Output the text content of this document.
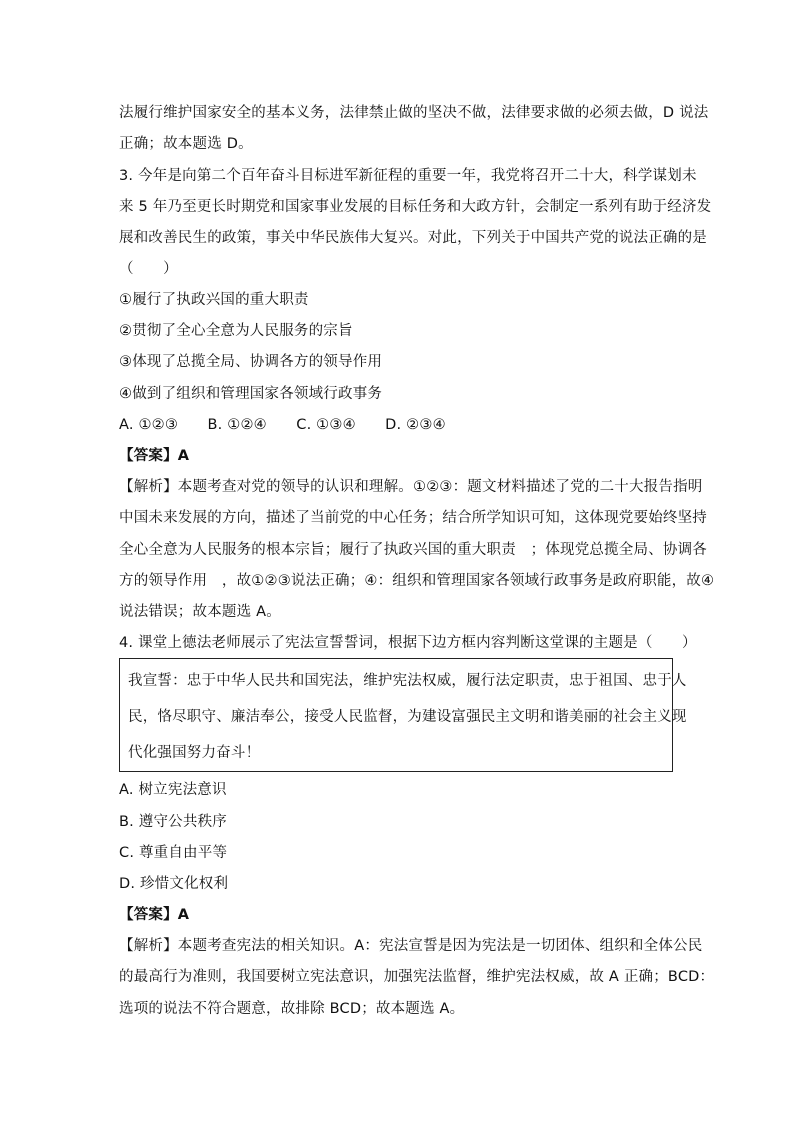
法履行维护国家安全的基本义务，法律禁止做的坚决不做，法律要求做的必须去做，D 说法
正确；故本题选 D。
3. 今年是向第二个百年奋斗目标进军新征程的重要一年，我党将召开二十大，科学谋划未
来 5 年乃至更长时期党和国家事业发展的目标任务和大政方针，会制定一系列有助于经济发
展和改善民生的政策，事关中华民族伟大复兴。对此，下列关于中国共产党的说法正确的是
（　　）
①履行了执政兴国的重大职责
②贯彻了全心全意为人民服务的宗旨
③体现了总揽全局、协调各方的领导作用
④做到了组织和管理国家各领域行政事务
A. ①②③　　B. ①②④　　C. ①③④　　D. ②③④
【答案】A
【解析】本题考查对党的领导的认识和理解。①②③：题文材料描述了党的二十大报告指明
中国未来发展的方向，描述了当前党的中心任务；结合所学知识可知，这体现党要始终坚持
全心全意为人民服务的根本宗旨；履行了执政兴国的重大职责　；体现党总揽全局、协调各
方的领导作用　，故①②③说法正确；④：组织和管理国家各领域行政事务是政府职能，故④
说法错误；故本题选 A。
4. 课堂上德法老师展示了宪法宣誓誓词，根据下边方框内容判断这堂课的主题是（　　）
我宣誓：忠于中华人民共和国宪法，维护宪法权威，履行法定职责，忠于祖国、忠于人
民，恪尽职守、廉洁奉公，接受人民监督，为建设富强民主文明和谐美丽的社会主义现
代化强国努力奋斗！
A. 树立宪法意识
B. 遵守公共秩序
C. 尊重自由平等
D. 珍惜文化权利
【答案】A
【解析】本题考查宪法的相关知识。A：宪法宣誓是因为宪法是一切团体、组织和全体公民
的最高行为准则，我国要树立宪法意识，加强宪法监督，维护宪法权威，故 A 正确；BCD：
选项的说法不符合题意，故排除 BCD；故本题选 A。
